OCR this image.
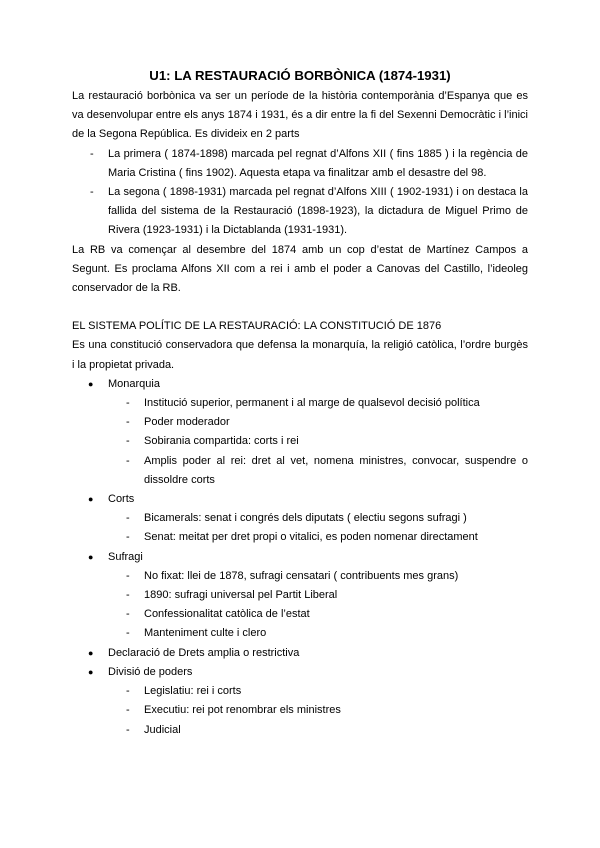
U1: LA RESTAURACIÓ BORBÒNICA (1874-1931)

La restauració borbònica va ser un període de la història contemporània d’Espanya que es va desenvolupar entre els anys 1874 i 1931, és a dir entre la fi del Sexenni Democràtic i l’inici de la Segona República. Es divideix en 2 parts

- La primera ( 1874-1898) marcada pel regnat d’Alfons XII ( fins 1885 ) i la regència de Maria Cristina ( fins 1902). Aquesta etapa va finalitzar amb el desastre del 98.
- La segona ( 1898-1931) marcada pel regnat d’Alfons XIII ( 1902-1931) i on destaca la fallida del sistema de la Restauració (1898-1923), la dictadura de Miguel Primo de Rivera (1923-1931) i la Dictablanda (1931-1931).

La RB va començar al desembre del 1874 amb un cop d’estat de Martínez Campos a Segunt. Es proclama Alfons XII com a rei i amb el poder a Canovas del Castillo, l’ideoleg conservador de la RB.

EL SISTEMA POLÍTIC DE LA RESTAURACIÓ: LA CONSTITUCIÓ DE 1876

Es una constitució conservadora que defensa la monarquía, la religió catòlica, l’ordre burgès i la propietat privada.

● Monarquia
- Institució superior, permanent i al marge de qualsevol decisió política
- Poder moderador
- Sobirania compartida: corts i rei
- Amplis poder al rei: dret al vet, nomena ministres, convocar, suspendre o dissoldre corts
● Corts
- Bicamerals: senat i congrés dels diputats ( electiu segons sufragi )
- Senat: meitat per dret propi o vitalici, es poden nomenar directament
● Sufragi
- No fixat: llei de 1878, sufragi censatari ( contribuents mes grans)
- 1890: sufragi universal pel Partit Liberal
- Confessionalitat catòlica de l’estat
- Manteniment culte i clero
● Declaració de Drets amplia o restrictiva
● Divisió de poders
- Legislatiu: rei i corts
- Executiu: rei pot renombrar els ministres
- Judicial
